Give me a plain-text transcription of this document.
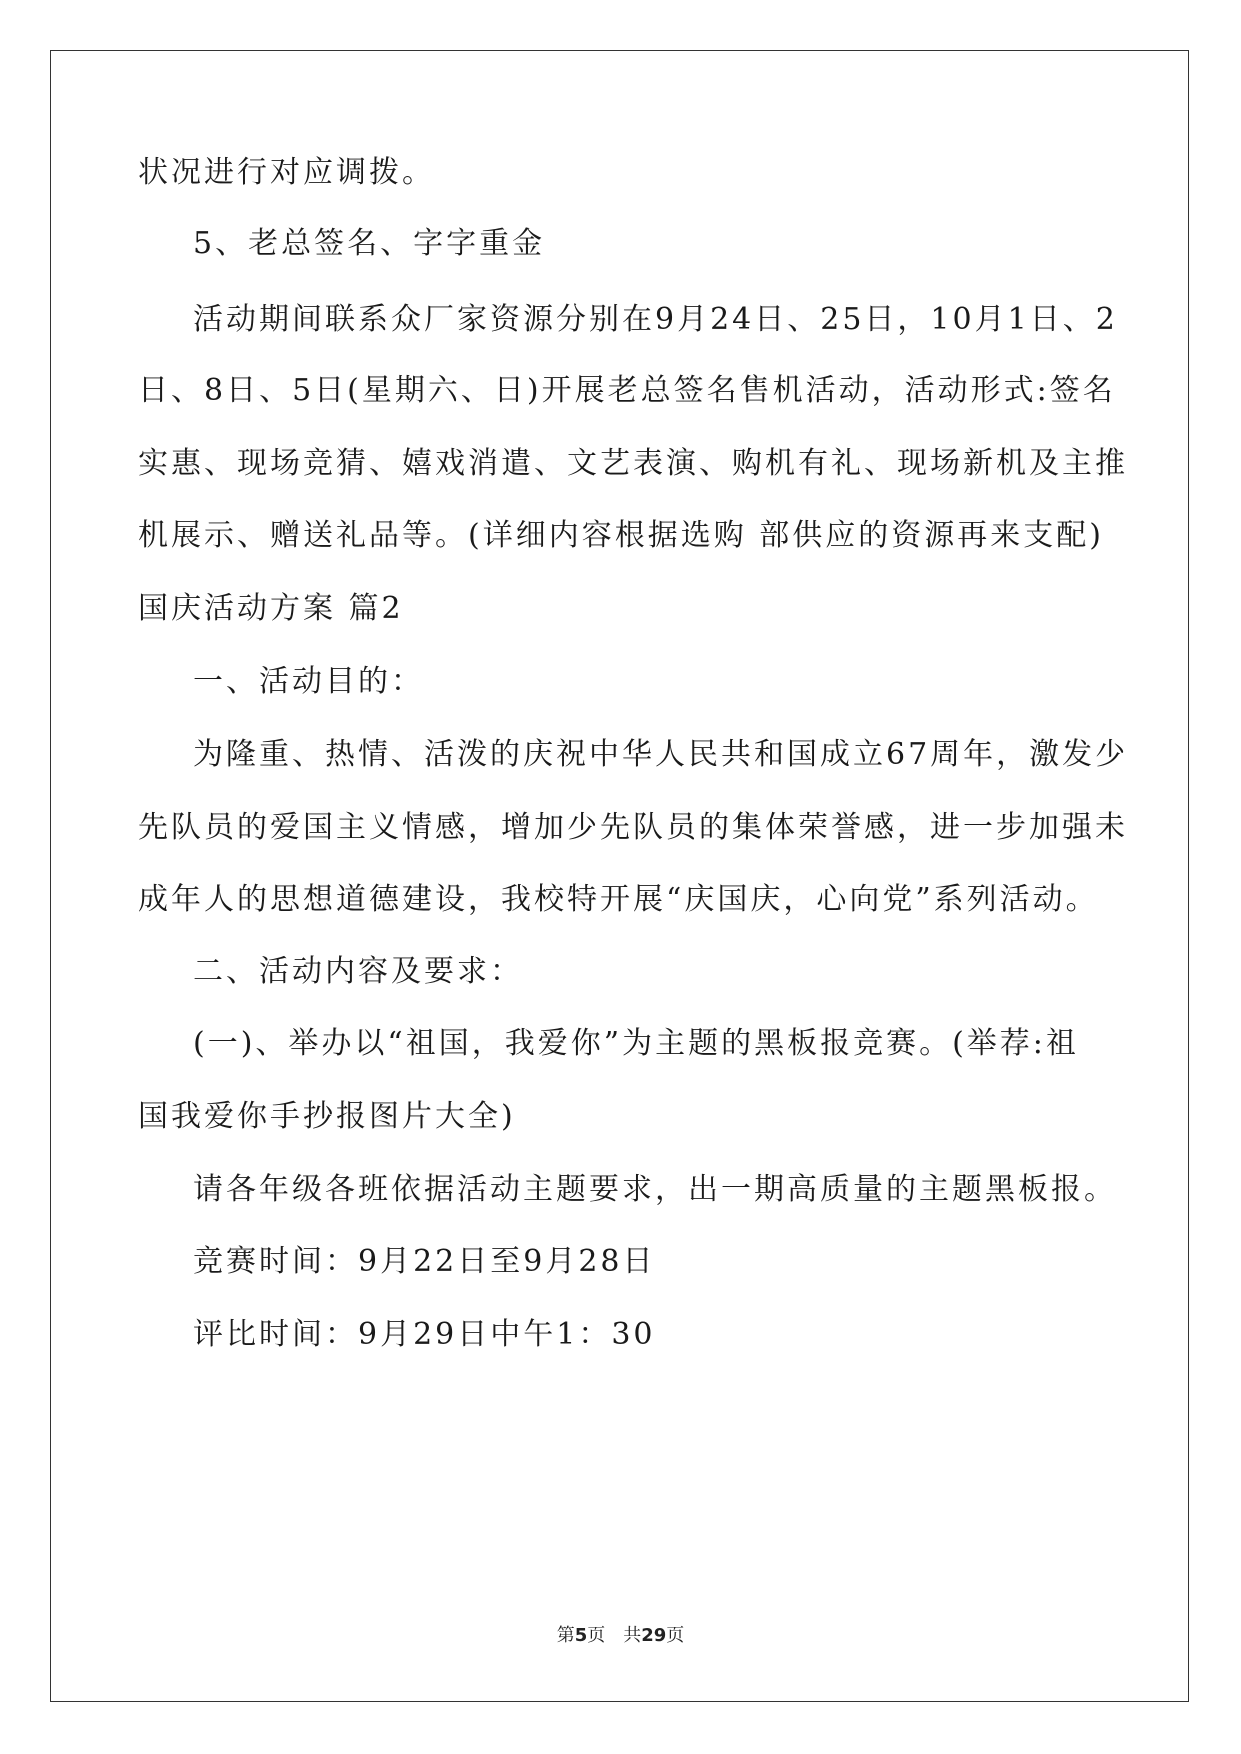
状况进行对应调拨。

5、老总签名、字字重金

活动期间联系众厂家资源分别在9月24日、25日，10月1日、2

日、8日、5日(星期六、日)开展老总签名售机活动，活动形式:签名

实惠、现场竞猜、嬉戏消遣、文艺表演、购机有礼、现场新机及主推

机展示、赠送礼品等。(详细内容根据选购 部供应的资源再来支配)

国庆活动方案 篇2

一、活动目的：

为隆重、热情、活泼的庆祝中华人民共和国成立67周年，激发少

先队员的爱国主义情感，增加少先队员的集体荣誉感，进一步加强未

成年人的思想道德建设，我校特开展“庆国庆，心向党”系列活动。

二、活动内容及要求：

(一)、举办以“祖国，我爱你”为主题的黑板报竞赛。(举荐:祖

国我爱你手抄报图片大全)

请各年级各班依据活动主题要求，出一期高质量的主题黑板报。

竞赛时间：9月22日至9月28日

评比时间：9月29日中午1：30

第5页 共29页
